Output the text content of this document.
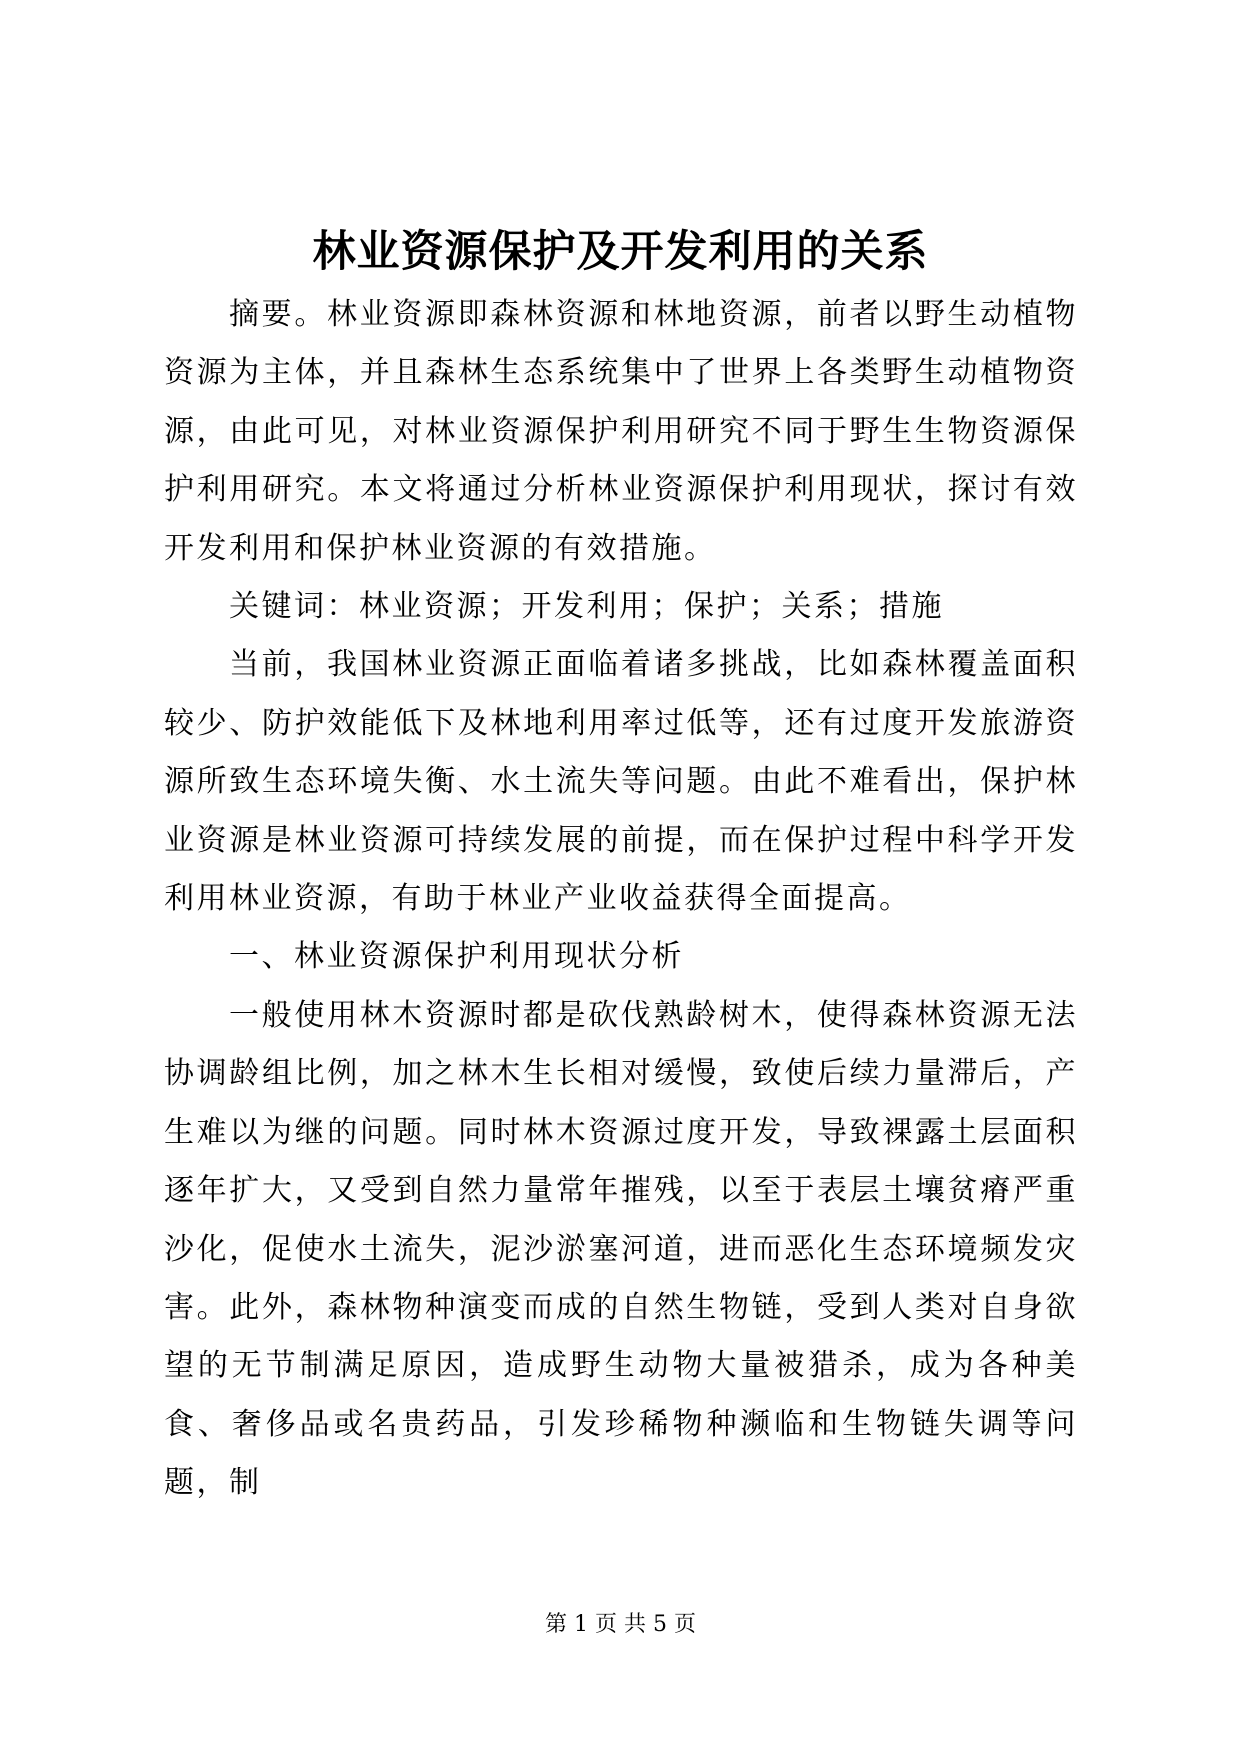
林业资源保护及开发利用的关系

摘要。林业资源即森林资源和林地资源，前者以野生动植物资源为主体，并且森林生态系统集中了世界上各类野生动植物资源，由此可见，对林业资源保护利用研究不同于野生生物资源保护利用研究。本文将通过分析林业资源保护利用现状，探讨有效开发利用和保护林业资源的有效措施。

关键词：林业资源；开发利用；保护；关系；措施

当前，我国林业资源正面临着诸多挑战，比如森林覆盖面积较少、防护效能低下及林地利用率过低等，还有过度开发旅游资源所致生态环境失衡、水土流失等问题。由此不难看出，保护林业资源是林业资源可持续发展的前提，而在保护过程中科学开发利用林业资源，有助于林业产业收益获得全面提高。

一、林业资源保护利用现状分析

一般使用林木资源时都是砍伐熟龄树木，使得森林资源无法协调龄组比例，加之林木生长相对缓慢，致使后续力量滞后，产生难以为继的问题。同时林木资源过度开发，导致裸露土层面积逐年扩大，又受到自然力量常年摧残，以至于表层土壤贫瘠严重沙化，促使水土流失，泥沙淤塞河道，进而恶化生态环境频发灾害。此外，森林物种演变而成的自然生物链，受到人类对自身欲望的无节制满足原因，造成野生动物大量被猎杀，成为各种美食、奢侈品或名贵药品，引发珍稀物种濒临和生物链失调等问题，制

第 1 页 共 5 页
